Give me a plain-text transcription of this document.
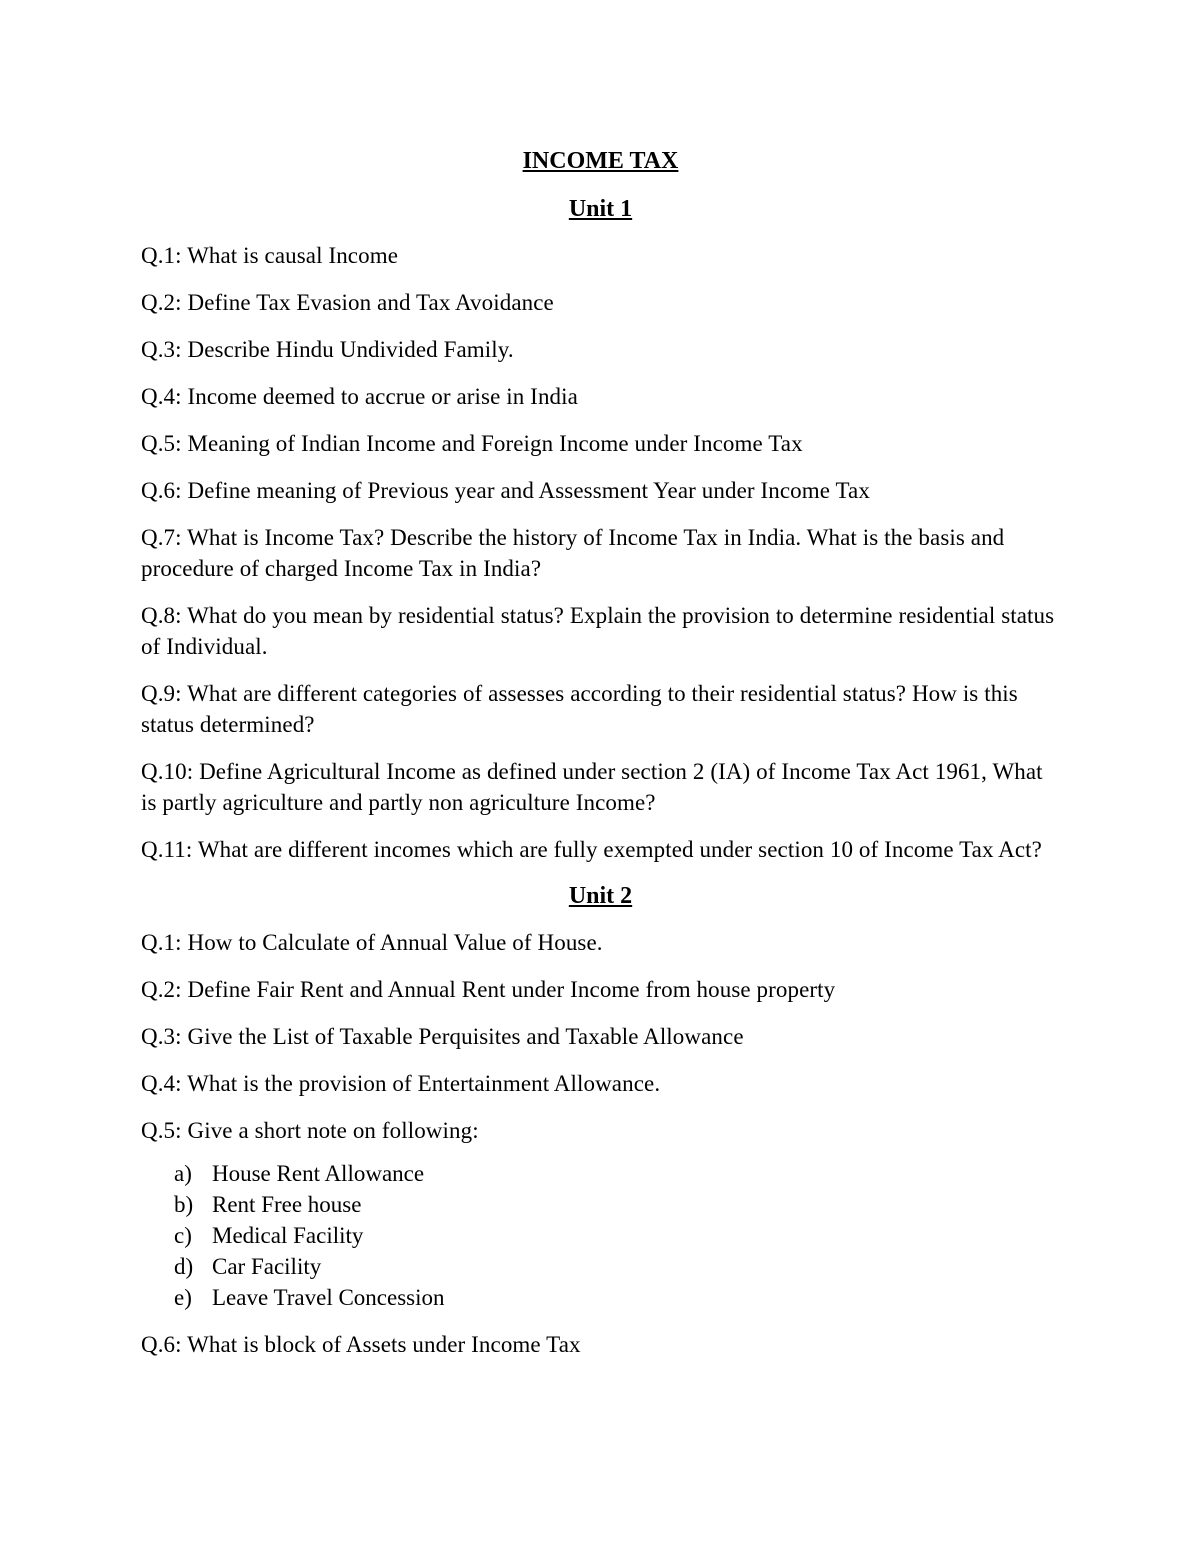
INCOME TAX
Unit 1

Q.1: What is causal Income

Q.2: Define Tax Evasion and Tax Avoidance

Q.3: Describe Hindu Undivided Family.

Q.4: Income deemed to accrue or arise in India

Q.5: Meaning of Indian Income and Foreign Income under Income Tax

Q.6: Define meaning of Previous year and Assessment Year under Income Tax

Q.7: What is Income Tax? Describe the history of Income Tax in India. What is the basis and procedure of charged Income Tax in India?

Q.8: What do you mean by residential status? Explain the provision to determine residential status of Individual.

Q.9: What are different categories of assesses according to their residential status? How is this status determined?

Q.10: Define Agricultural Income as defined under section 2 (IA) of Income Tax Act 1961, What is partly agriculture and partly non agriculture Income?

Q.11: What are different incomes which are fully exempted under section 10 of Income Tax Act?

Unit 2

Q.1: How to Calculate of Annual Value of House.

Q.2: Define Fair Rent and Annual Rent under Income from house property

Q.3: Give the List of Taxable Perquisites and Taxable Allowance

Q.4: What is the provision of Entertainment Allowance.

Q.5: Give a short note on following:

a) House Rent Allowance
b) Rent Free house
c) Medical Facility
d) Car Facility
e) Leave Travel Concession

Q.6: What is block of Assets under Income Tax
